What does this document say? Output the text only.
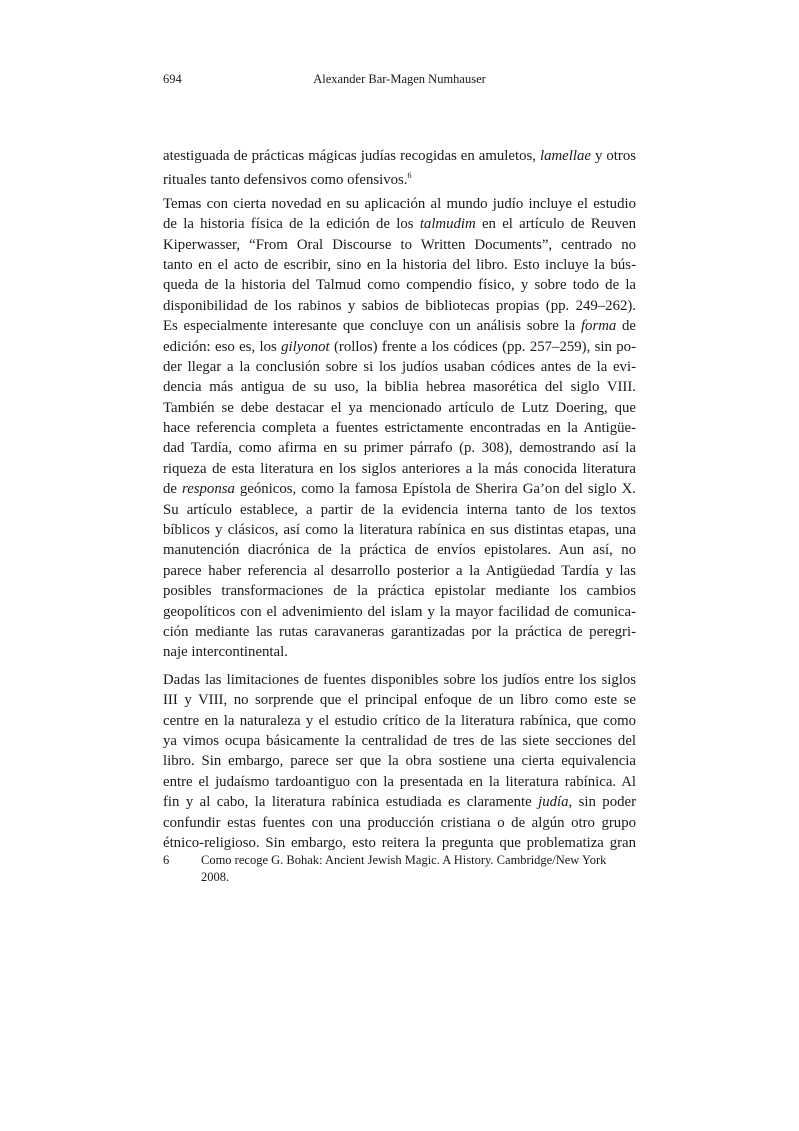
694	Alexander Bar-Magen Numhauser
atestiguada de prácticas mágicas judías recogidas en amuletos, lamellae y otros
rituales tanto defensivos como ofensivos.$^6$
Temas con cierta novedad en su aplicación al mundo judío incluye el estudio
de la historia física de la edición de los talmudim en el artículo de Reuven
Kiperwasser, “From Oral Discourse to Written Documents”, centrado no
tanto en el acto de escribir, sino en la historia del libro. Esto incluye la bús-
queda de la historia del Talmud como compendio físico, y sobre todo de la
disponibilidad de los rabinos y sabios de bibliotecas propias (pp. 249–262).
Es especialmente interesante que concluye con un análisis sobre la forma de
edición: eso es, los gilyonot (rollos) frente a los códices (pp. 257–259), sin po-
der llegar a la conclusión sobre si los judíos usaban códices antes de la evi-
dencia más antigua de su uso, la biblia hebrea masorética del siglo VIII.
También se debe destacar el ya mencionado artículo de Lutz Doering, que
hace referencia completa a fuentes estrictamente encontradas en la Antigüe-
dad Tardía, como afirma en su primer párrafo (p. 308), demostrando así la
riqueza de esta literatura en los siglos anteriores a la más conocida literatura
de responsa geónicos, como la famosa Epístola de Sherira Ga’on del siglo X.
Su artículo establece, a partir de la evidencia interna tanto de los textos
bíblicos y clásicos, así como la literatura rabínica en sus distintas etapas, una
manutención diacrónica de la práctica de envíos epistolares. Aun así, no
parece haber referencia al desarrollo posterior a la Antigüedad Tardía y las
posibles transformaciones de la práctica epistolar mediante los cambios
geopolíticos con el advenimiento del islam y la mayor facilidad de comunica-
ción mediante las rutas caravaneras garantizadas por la práctica de peregri-
naje intercontinental.
Dadas las limitaciones de fuentes disponibles sobre los judíos entre los siglos
III y VIII, no sorprende que el principal enfoque de un libro como este se
centre en la naturaleza y el estudio crítico de la literatura rabínica, que como
ya vimos ocupa básicamente la centralidad de tres de las siete secciones del
libro. Sin embargo, parece ser que la obra sostiene una cierta equivalencia
entre el judaísmo tardoantiguo con la presentada en la literatura rabínica. Al
fin y al cabo, la literatura rabínica estudiada es claramente judía, sin poder
confundir estas fuentes con una producción cristiana o de algún otro grupo
étnico-religioso. Sin embargo, esto reitera la pregunta que problematiza gran
6	Como recoge G. Bohak: Ancient Jewish Magic. A History. Cambridge/New York 2008.
